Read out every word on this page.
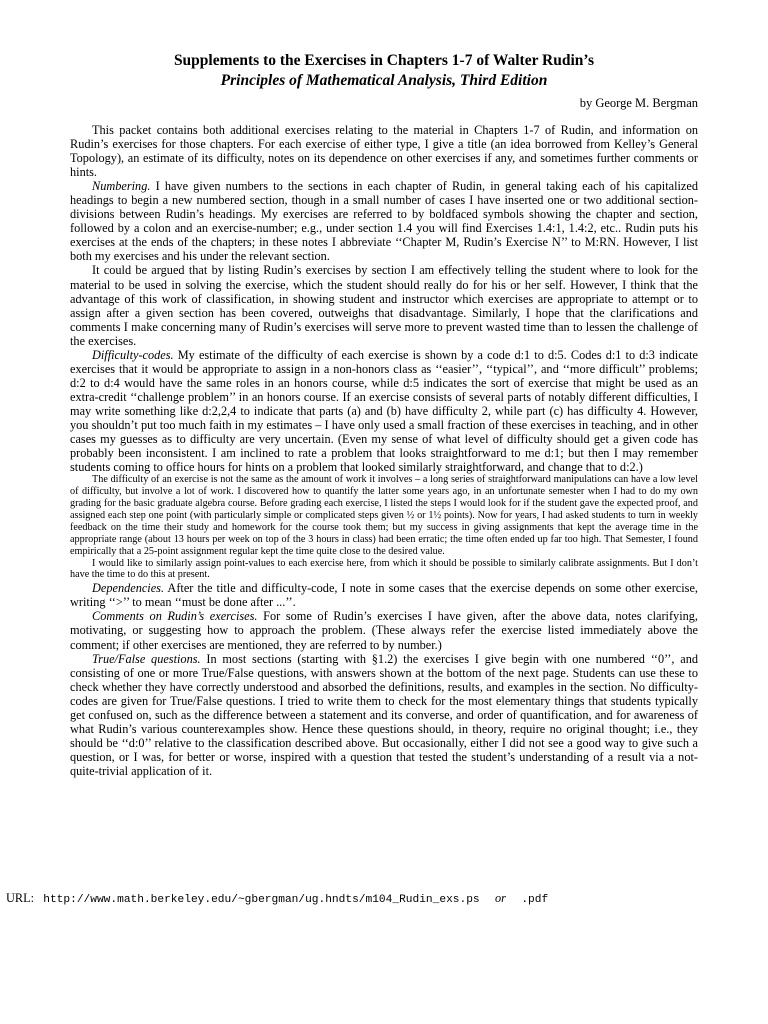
Supplements to the Exercises in Chapters 1-7 of Walter Rudin’s
Principles of Mathematical Analysis, Third Edition
by George M. Bergman

This packet contains both additional exercises relating to the material in Chapters 1-7 of Rudin, and information on Rudin’s exercises for those chapters. For each exercise of either type, I give a title (an idea borrowed from Kelley’s General Topology), an estimate of its difficulty, notes on its dependence on other exercises if any, and sometimes further comments or hints.

Numbering. I have given numbers to the sections in each chapter of Rudin, in general taking each of his capitalized headings to begin a new numbered section, though in a small number of cases I have inserted one or two additional section-divisions between Rudin’s headings. My exercises are referred to by boldfaced symbols showing the chapter and section, followed by a colon and an exercise-number; e.g., under section 1.4 you will find Exercises 1.4:1, 1.4:2, etc.. Rudin puts his exercises at the ends of the chapters; in these notes I abbreviate ‘‘Chapter M, Rudin’s Exercise N’’ to M:RN. However, I list both my exercises and his under the relevant section.

It could be argued that by listing Rudin’s exercises by section I am effectively telling the student where to look for the material to be used in solving the exercise, which the student should really do for his or her self. However, I think that the advantage of this work of classification, in showing student and instructor which exercises are appropriate to attempt or to assign after a given section has been covered, outweighs that disadvantage. Similarly, I hope that the clarifications and comments I make concerning many of Rudin’s exercises will serve more to prevent wasted time than to lessen the challenge of the exercises.

Difficulty-codes. My estimate of the difficulty of each exercise is shown by a code d:1 to d:5. Codes d:1 to d:3 indicate exercises that it would be appropriate to assign in a non-honors class as ‘‘easier’’, ‘‘typical’’, and ‘‘more difficult’’ problems; d:2 to d:4 would have the same roles in an honors course, while d:5 indicates the sort of exercise that might be used as an extra-credit ‘‘challenge problem’’ in an honors course. If an exercise consists of several parts of notably different difficulties, I may write something like d:2,2,4 to indicate that parts (a) and (b) have difficulty 2, while part (c) has difficulty 4. However, you shouldn’t put too much faith in my estimates – I have only used a small fraction of these exercises in teaching, and in other cases my guesses as to difficulty are very uncertain. (Even my sense of what level of difficulty should get a given code has probably been inconsistent. I am inclined to rate a problem that looks straightforward to me d:1; but then I may remember students coming to office hours for hints on a problem that looked similarly straightforward, and change that to d:2.)

The difficulty of an exercise is not the same as the amount of work it involves – a long series of straightforward manipulations can have a low level of difficulty, but involve a lot of work. I discovered how to quantify the latter some years ago, in an unfortunate semester when I had to do my own grading for the basic graduate algebra course. Before grading each exercise, I listed the steps I would look for if the student gave the expected proof, and assigned each step one point (with particularly simple or complicated steps given ½ or 1½ points). Now for years, I had asked students to turn in weekly feedback on the time their study and homework for the course took them; but my success in giving assignments that kept the average time in the appropriate range (about 13 hours per week on top of the 3 hours in class) had been erratic; the time often ended up far too high. That Semester, I found empirically that a 25-point assignment regular kept the time quite close to the desired value.

I would like to similarly assign point-values to each exercise here, from which it should be possible to similarly calibrate assignments. But I don’t have the time to do this at present.

Dependencies. After the title and difficulty-code, I note in some cases that the exercise depends on some other exercise, writing ‘‘>’’ to mean ‘‘must be done after ...’’.

Comments on Rudin’s exercises. For some of Rudin’s exercises I have given, after the above data, notes clarifying, motivating, or suggesting how to approach the problem. (These always refer the exercise listed immediately above the comment; if other exercises are mentioned, they are referred to by number.)

True/False questions. In most sections (starting with §1.2) the exercises I give begin with one numbered ‘‘0’’, and consisting of one or more True/False questions, with answers shown at the bottom of the next page. Students can use these to check whether they have correctly understood and absorbed the definitions, results, and examples in the section. No difficulty-codes are given for True/False questions. I tried to write them to check for the most elementary things that students typically get confused on, such as the difference between a statement and its converse, and order of quantification, and for awareness of what Rudin’s various counterexamples show. Hence these questions should, in theory, require no original thought; i.e., they should be ‘‘d:0’’ relative to the classification described above. But occasionally, either I did not see a good way to give such a question, or I was, for better or worse, inspired with a question that tested the student’s understanding of a result via a not-quite-trivial application of it.

URL: http://www.math.berkeley.edu/~gbergman/ug.hndts/m104_Rudin_exs.ps or .pdf
